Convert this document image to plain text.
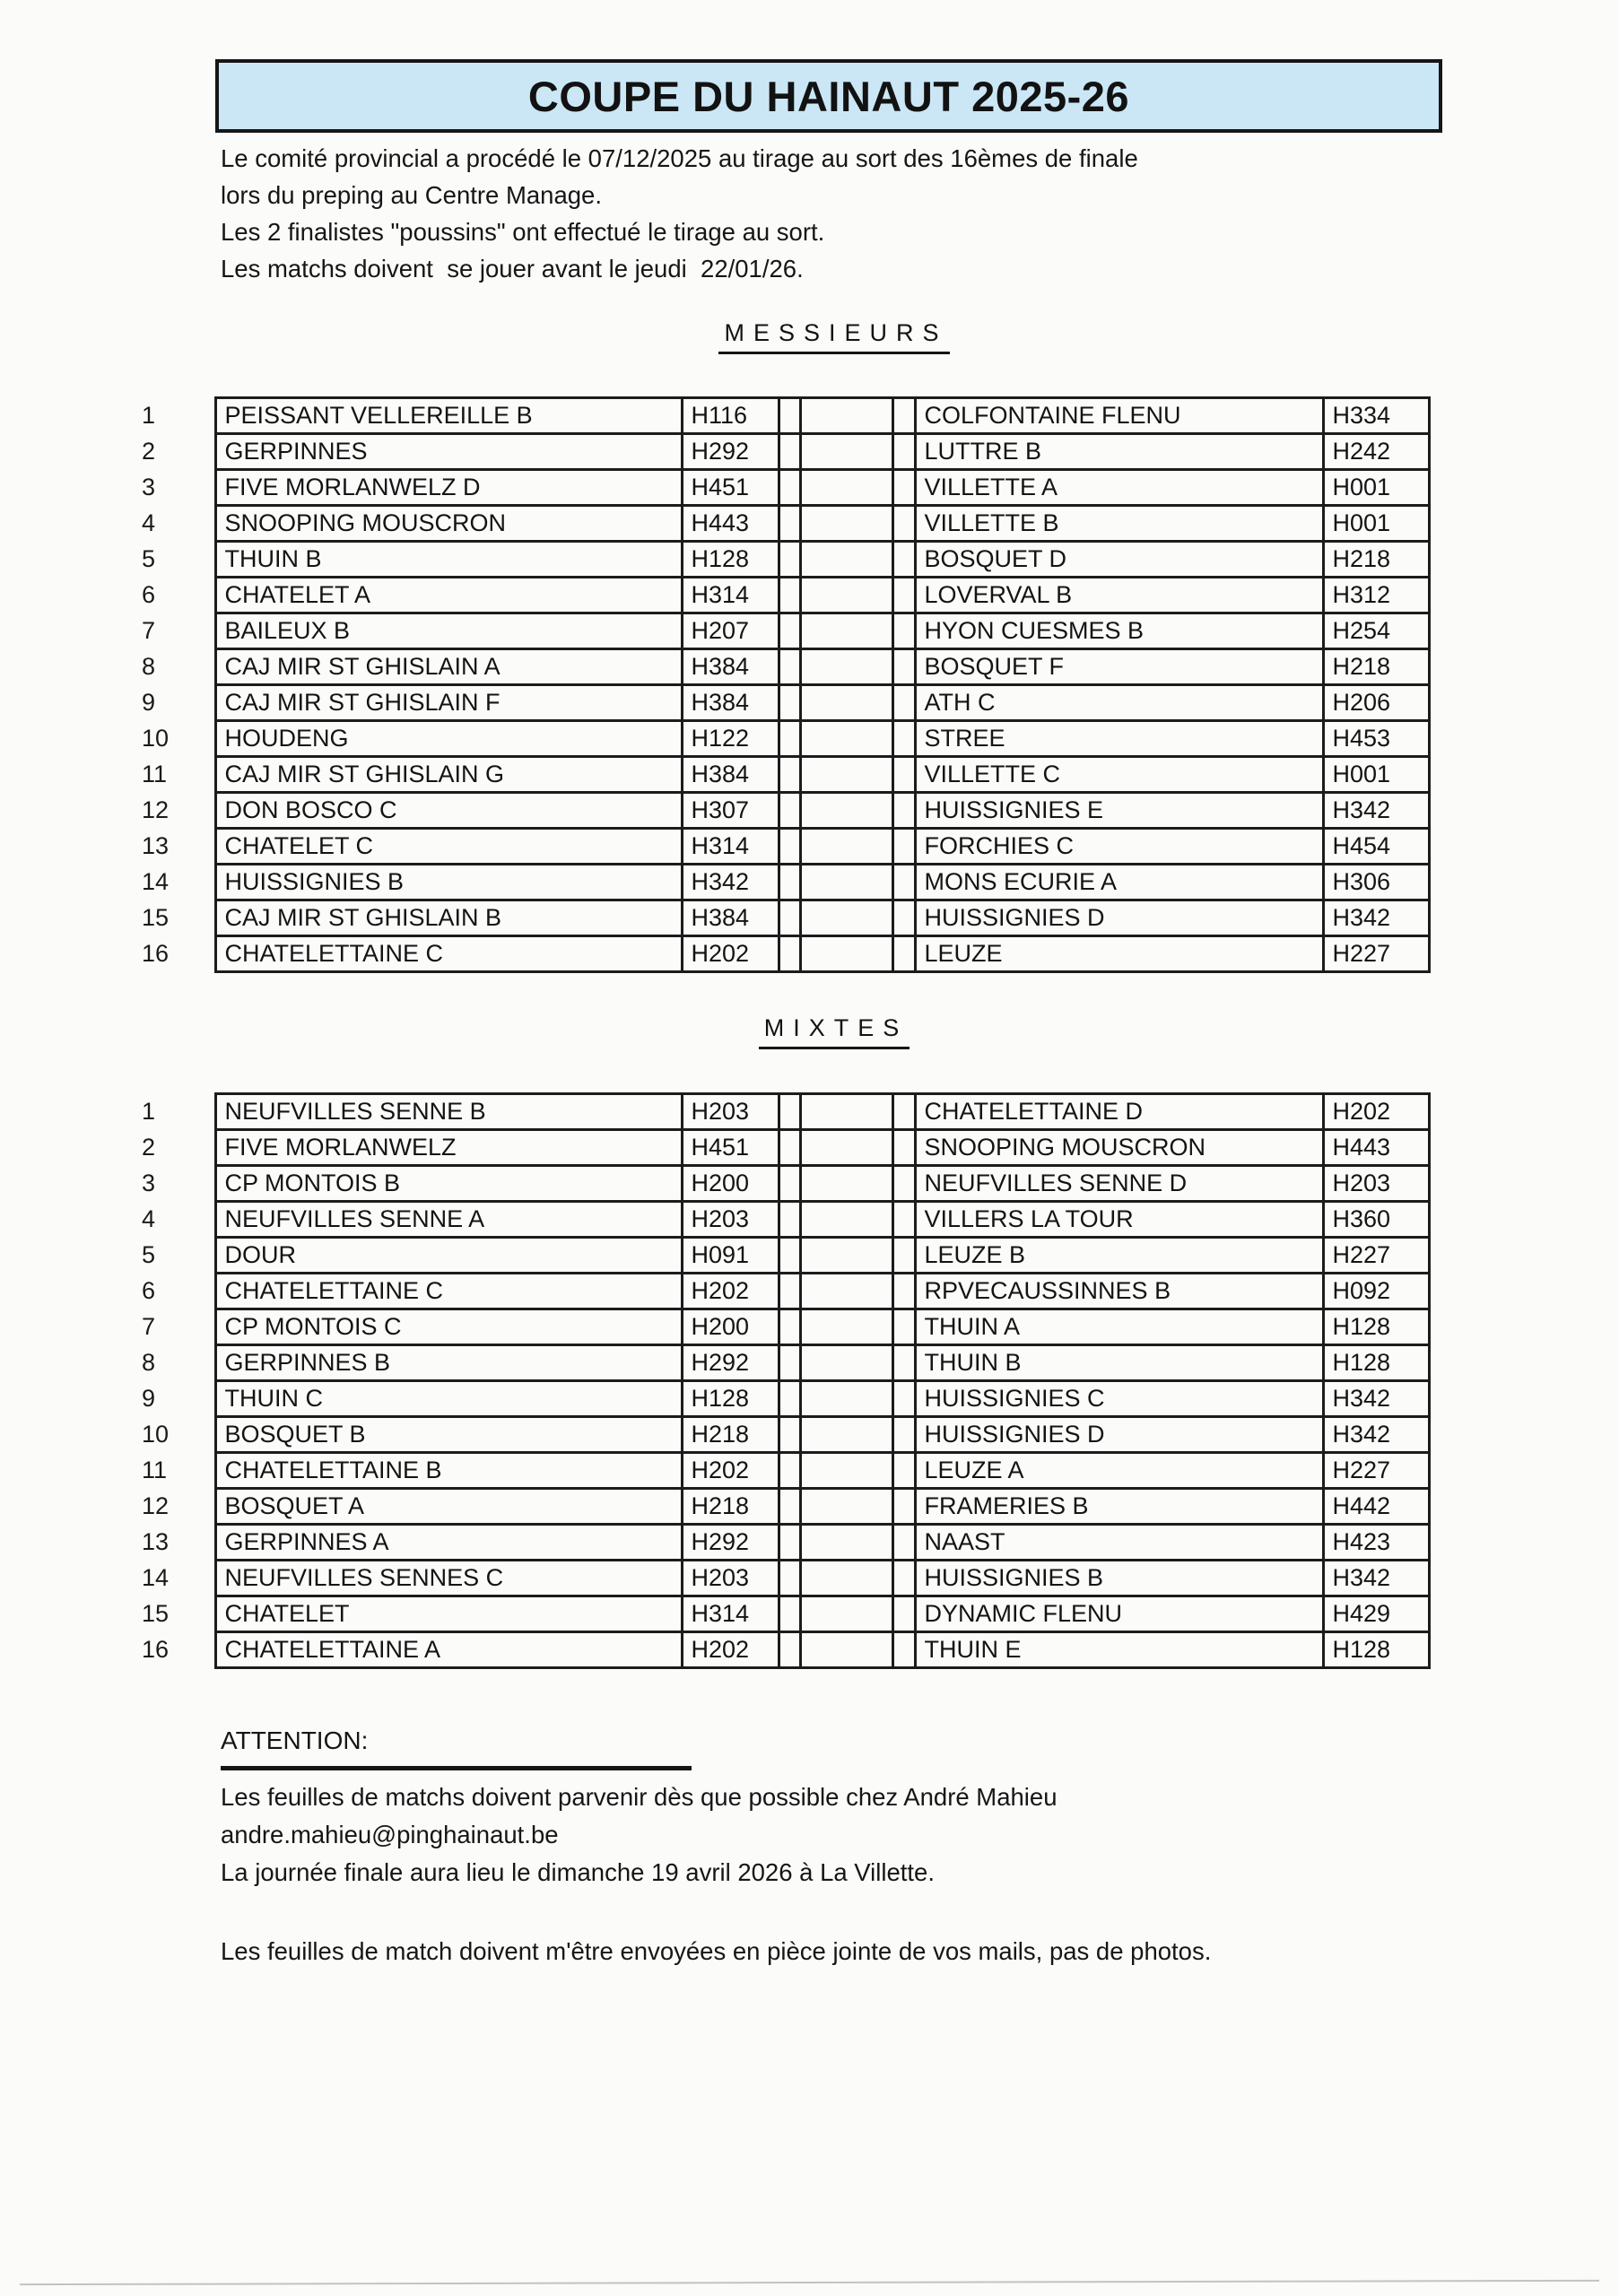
COUPE DU HAINAUT 2025-26
Le comité provincial a procédé le 07/12/2025 au tirage au sort des 16èmes de finale
lors du preping au Centre Manage.
Les 2 finalistes "poussins" ont effectué le tirage au sort.
Les matchs doivent  se jouer avant le jeudi  22/01/26.
MESSIEURS
1	PEISSANT VELLEREILLE B	H116				COLFONTAINE FLENU	H334
2	GERPINNES	H292				LUTTRE B	H242
3	FIVE MORLANWELZ D	H451				VILLETTE A	H001
4	SNOOPING MOUSCRON	H443				VILLETTE B	H001
5	THUIN B	H128				BOSQUET D	H218
6	CHATELET A	H314				LOVERVAL B	H312
7	BAILEUX B	H207				HYON CUESMES B	H254
8	CAJ MIR ST GHISLAIN A	H384				BOSQUET F	H218
9	CAJ MIR ST GHISLAIN F	H384				ATH C	H206
10	HOUDENG	H122				STREE	H453
11	CAJ MIR ST GHISLAIN G	H384				VILLETTE C	H001
12	DON BOSCO C	H307				HUISSIGNIES E	H342
13	CHATELET C	H314				FORCHIES C	H454
14	HUISSIGNIES B	H342				MONS ECURIE A	H306
15	CAJ MIR ST GHISLAIN B	H384				HUISSIGNIES D	H342
16	CHATELETTAINE C	H202				LEUZE	H227
MIXTES
1	NEUFVILLES SENNE B	H203				CHATELETTAINE D	H202
2	FIVE MORLANWELZ	H451				SNOOPING MOUSCRON	H443
3	CP MONTOIS B	H200				NEUFVILLES SENNE D	H203
4	NEUFVILLES SENNE A	H203				VILLERS LA TOUR	H360
5	DOUR	H091				LEUZE B	H227
6	CHATELETTAINE C	H202				RPVECAUSSINNES B	H092
7	CP MONTOIS C	H200				THUIN A	H128
8	GERPINNES B	H292				THUIN B	H128
9	THUIN C	H128				HUISSIGNIES C	H342
10	BOSQUET B	H218				HUISSIGNIES D	H342
11	CHATELETTAINE B	H202				LEUZE A	H227
12	BOSQUET A	H218				FRAMERIES B	H442
13	GERPINNES A	H292				NAAST	H423
14	NEUFVILLES SENNES C	H203				HUISSIGNIES B	H342
15	CHATELET	H314				DYNAMIC FLENU	H429
16	CHATELETTAINE A	H202				THUIN E	H128
ATTENTION:
Les feuilles de matchs doivent parvenir dès que possible chez André Mahieu
andre.mahieu@pinghainaut.be
La journée finale aura lieu le dimanche 19 avril 2026 à La Villette.
Les feuilles de match doivent m'être envoyées en pièce jointe de vos mails, pas de photos.
